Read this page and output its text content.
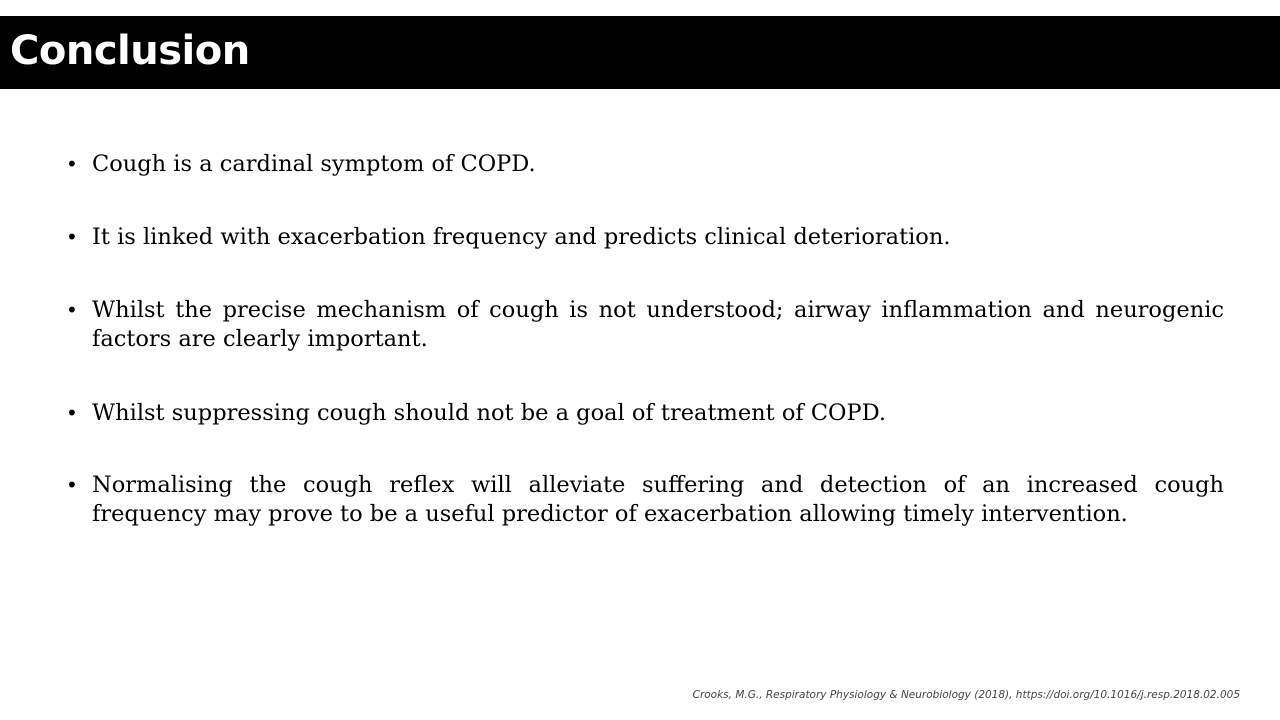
Conclusion
• Cough is a cardinal symptom of COPD.
• It is linked with exacerbation frequency and predicts clinical deterioration.
• Whilst the precise mechanism of cough is not understood; airway inflammation and neurogenic factors are clearly important.
• Whilst suppressing cough should not be a goal of treatment of COPD.
• Normalising the cough reflex will alleviate suffering and detection of an increased cough frequency may prove to be a useful predictor of exacerbation allowing timely intervention.
Crooks, M.G., Respiratory Physiology & Neurobiology (2018), https://doi.org/10.1016/j.resp.2018.02.005
